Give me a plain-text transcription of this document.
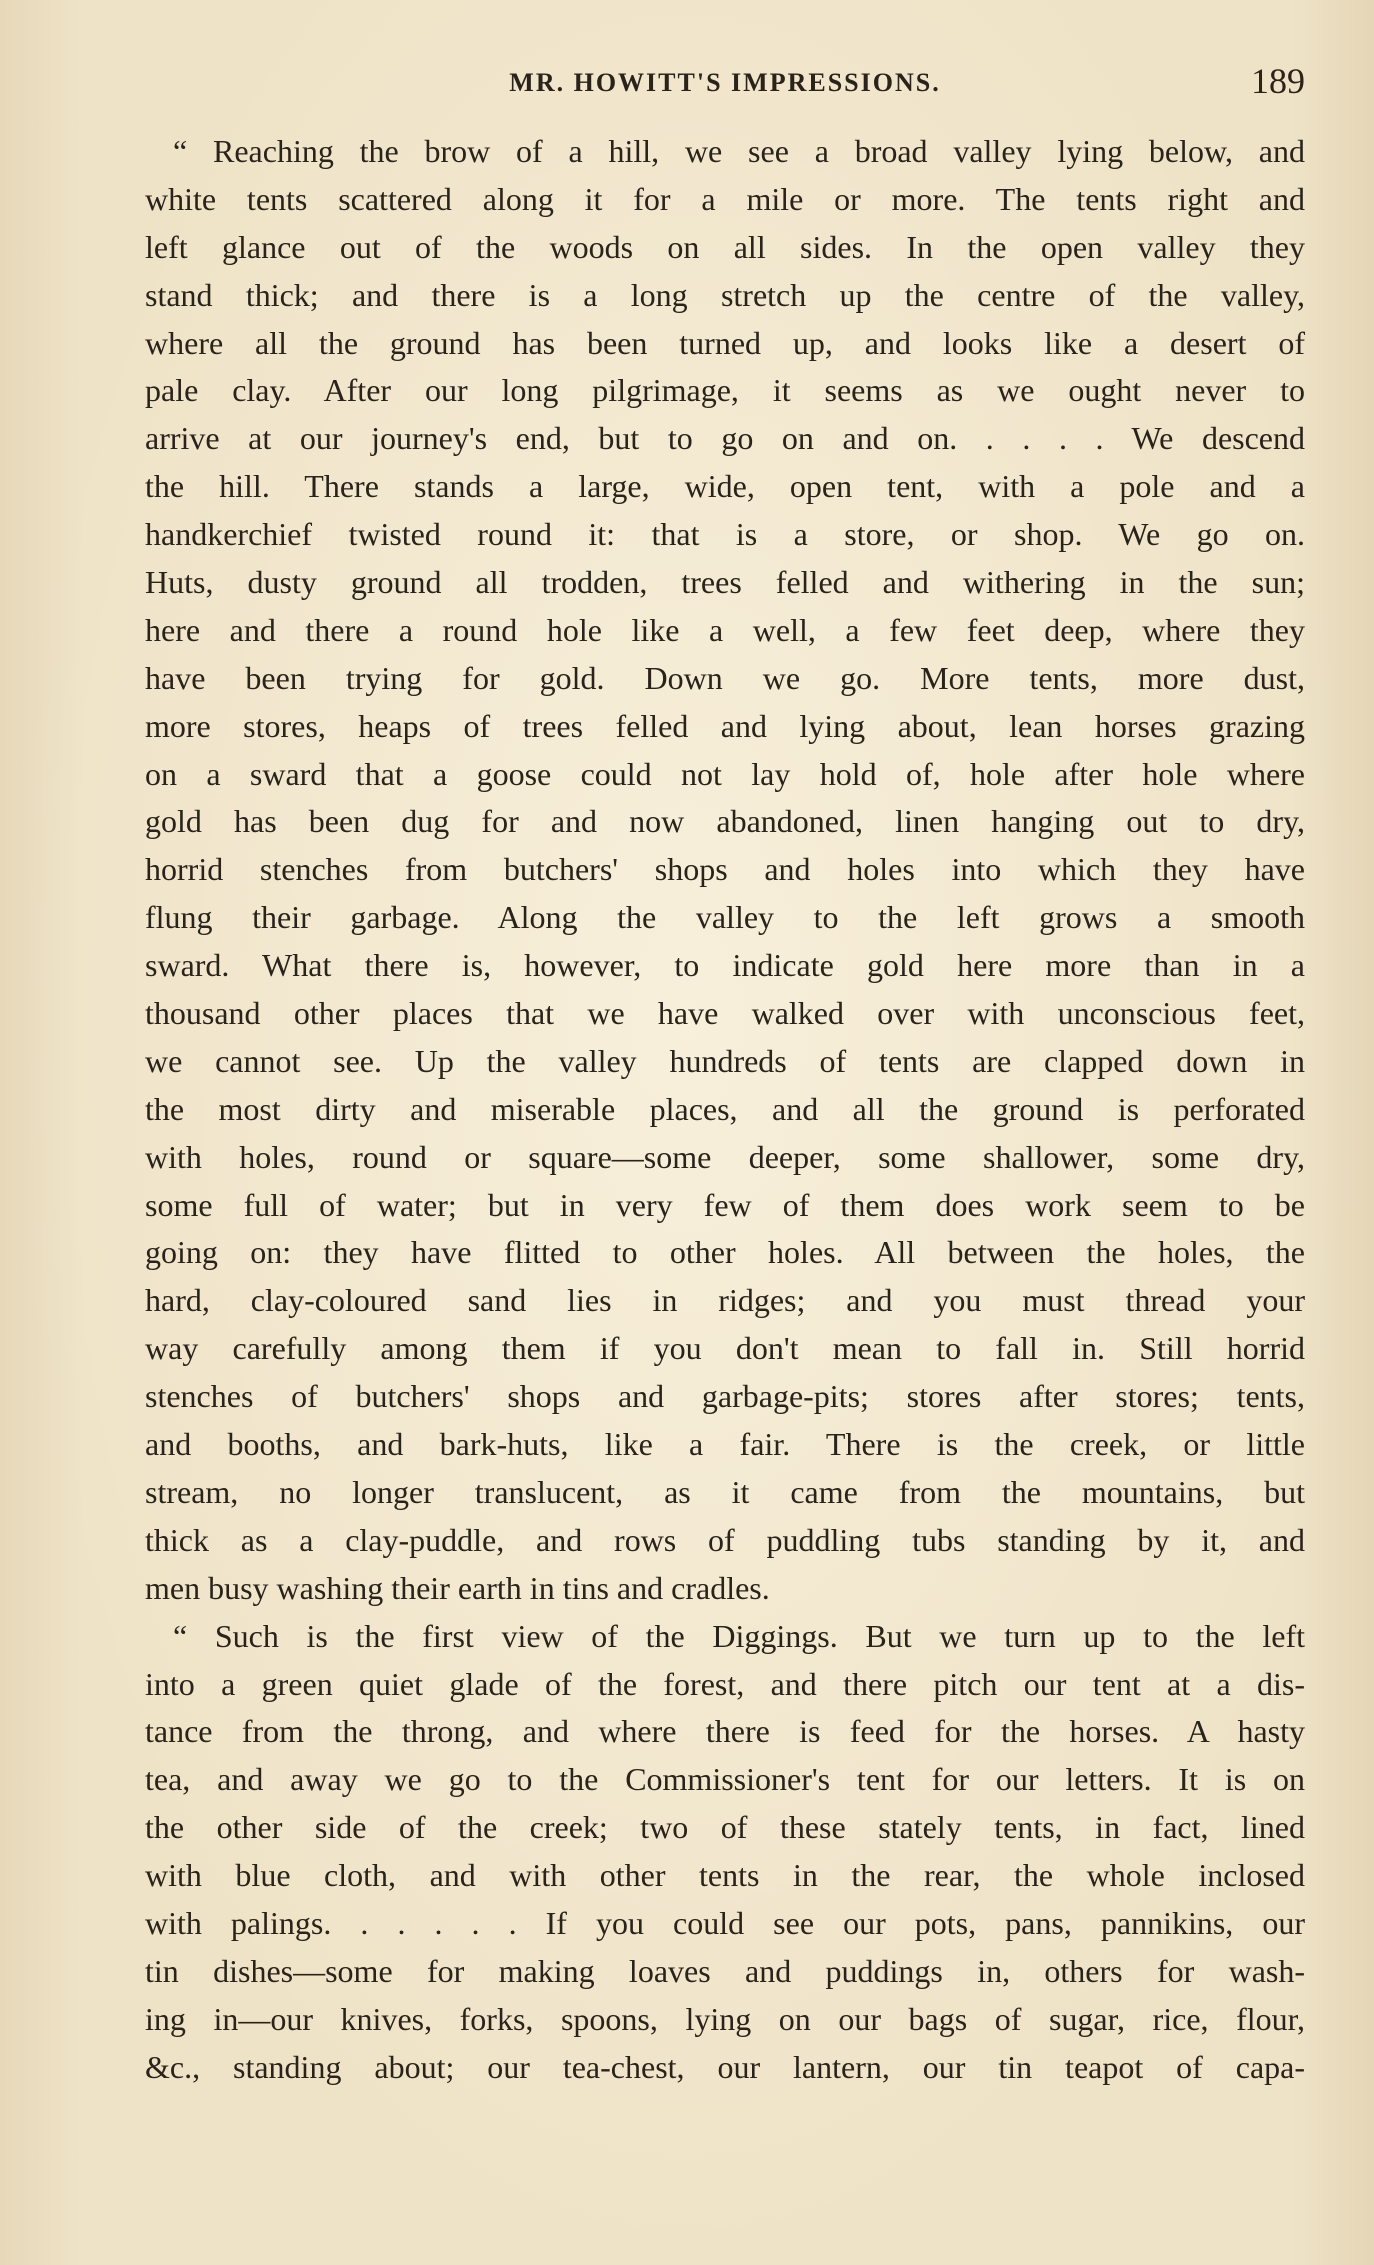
MR. HOWITT'S IMPRESSIONS.	189
“ Reaching the brow of a hill, we see a broad valley lying below, and
white tents scattered along it for a mile or more. The tents right and
left glance out of the woods on all sides. In the open valley they
stand thick; and there is a long stretch up the centre of the valley,
where all the ground has been turned up, and looks like a desert of
pale clay. After our long pilgrimage, it seems as we ought never to
arrive at our journey's end, but to go on and on. . . . . We descend
the hill. There stands a large, wide, open tent, with a pole and a
handkerchief twisted round it: that is a store, or shop. We go on.
Huts, dusty ground all trodden, trees felled and withering in the sun;
here and there a round hole like a well, a few feet deep, where they
have been trying for gold. Down we go. More tents, more dust,
more stores, heaps of trees felled and lying about, lean horses grazing
on a sward that a goose could not lay hold of, hole after hole where
gold has been dug for and now abandoned, linen hanging out to dry,
horrid stenches from butchers' shops and holes into which they have
flung their garbage. Along the valley to the left grows a smooth
sward. What there is, however, to indicate gold here more than in a
thousand other places that we have walked over with unconscious feet,
we cannot see. Up the valley hundreds of tents are clapped down in
the most dirty and miserable places, and all the ground is perforated
with holes, round or square—some deeper, some shallower, some dry,
some full of water; but in very few of them does work seem to be
going on: they have flitted to other holes. All between the holes, the
hard, clay-coloured sand lies in ridges; and you must thread your
way carefully among them if you don't mean to fall in. Still horrid
stenches of butchers' shops and garbage-pits; stores after stores; tents,
and booths, and bark-huts, like a fair. There is the creek, or little
stream, no longer translucent, as it came from the mountains, but
thick as a clay-puddle, and rows of puddling tubs standing by it, and
men busy washing their earth in tins and cradles.
“ Such is the first view of the Diggings. But we turn up to the left
into a green quiet glade of the forest, and there pitch our tent at a dis-
tance from the throng, and where there is feed for the horses. A hasty
tea, and away we go to the Commissioner's tent for our letters. It is on
the other side of the creek; two of these stately tents, in fact, lined
with blue cloth, and with other tents in the rear, the whole inclosed
with palings. . . . . . If you could see our pots, pans, pannikins, our
tin dishes—some for making loaves and puddings in, others for wash-
ing in—our knives, forks, spoons, lying on our bags of sugar, rice, flour,
&c., standing about; our tea-chest, our lantern, our tin teapot of capa-
